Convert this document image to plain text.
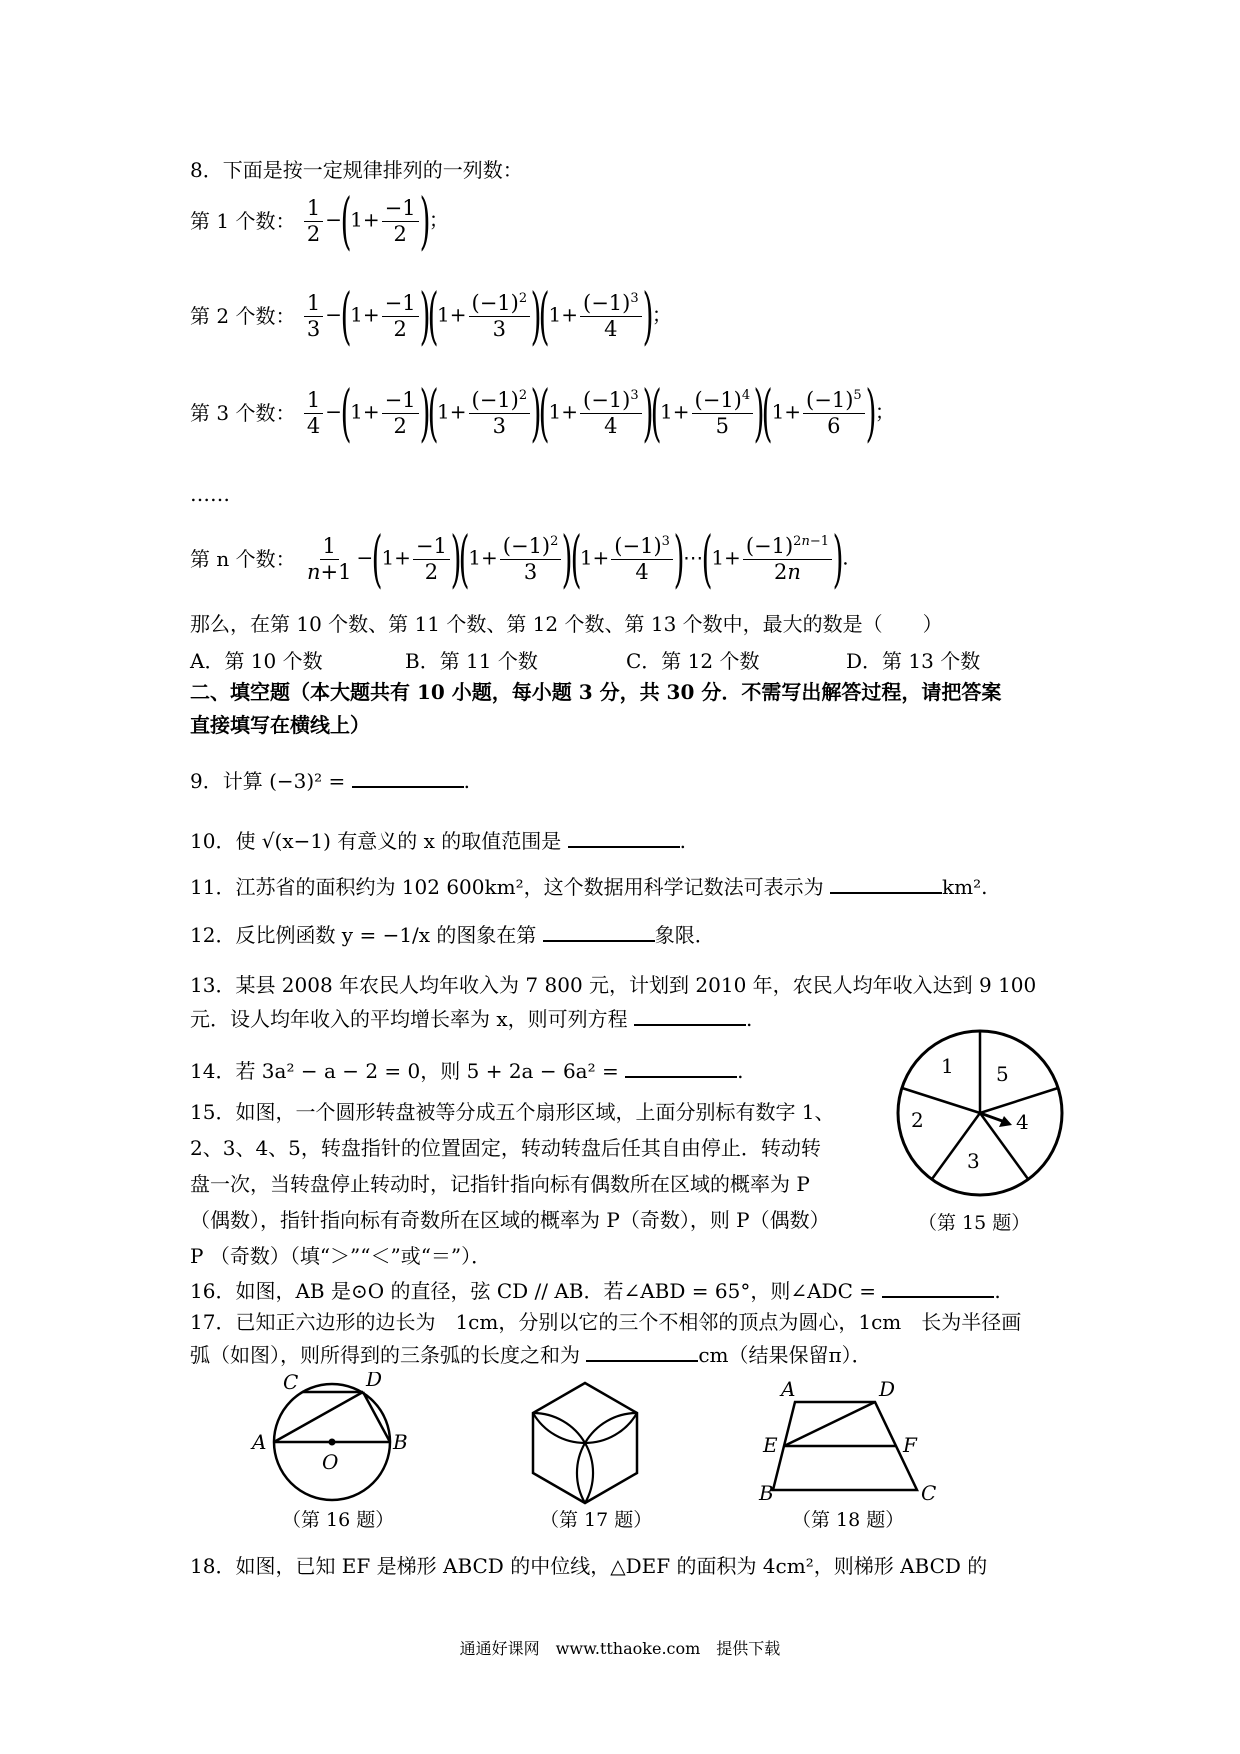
8．下面是按一定规律排列的一列数：
第 1 个数： $\frac{1}{2} -(1+ \frac{-1}{2}$ )；
第 2 个数： $\frac{1}{3} -(1+ \frac{-1}{2} )(1+ \frac{(-1)^2}{3} )(1+ \frac{(-1)^3}{4}$ )；
第 3 个数： $\frac{1}{4} -(1+ \frac{-1}{2} )(1+ \frac{(-1)^2}{3} )(1+ \frac{(-1)^3}{4} )(1+ \frac{(-1)^4}{5} )(1+ \frac{(-1)^5}{6}$ )；
……
第 n 个数： $\frac{1}{n+1} -(1+ \frac{-1}{2} )(1+ \frac{(-1)^2}{3} )(1+ \frac{(-1)^3}{4}$ )⋯(1+ $\frac{(-1)^{2n-1}}{2n}$ ).
那么，在第 10 个数、第 11 个数、第 12 个数、第 13 个数中，最大的数是（　　）
A．第 10 个数	B．第 11 个数	C．第 12 个数	D．第 13 个数
二、填空题（本大题共有 10 小题，每小题 3 分，共 30 分．不需写出解答过程，请把答案
直接填写在横线上）
9．计算 (−3)² =	.
10．使 √(x−1) 有意义的 x 的取值范围是	.
11．江苏省的面积约为 102 600km²，这个数据用科学记数法可表示为	km².
12．反比例函数 y = −1/x 的图象在第	象限．
13．某县 2008 年农民人均年收入为 7 800 元，计划到 2010 年，农民人均年收入达到 9 100
元．设人均年收入的平均增长率为 x，则可列方程	.
14．若 3a² − a − 2 = 0，则 5 + 2a − 6a² =	.
15．如图，一个圆形转盘被等分成五个扇形区域，上面分别标有数字 1、
2、3、4、5，转盘指针的位置固定，转动转盘后任其自由停止．转动转
盘一次，当转盘停止转动时，记指针指向标有偶数所在区域的概率为 P
（偶数），指针指向标有奇数所在区域的概率为 P（奇数），则 P（偶数）
P （奇数）（填“＞”“＜”或“＝”）．
16．如图，AB 是⊙O 的直径，弦 CD // AB．若∠ABD = 65°，则∠ADC =	.
17．已知正六边形的边长为　1cm，分别以它的三个不相邻的顶点为圆心，1cm　长为半径画
弧（如图），则所得到的三条弧的长度之和为	cm（结果保留π）．
1 5
4
3
2
（第 15 题）
C	D
A
O
B
（第 16 题）	（第 17 题）
A	D
E	F
B	C
（第 18 题）
18．如图，已知 EF 是梯形 ABCD 的中位线，△DEF 的面积为 4cm²，则梯形 ABCD 的
通通好课网　www.tthaoke.com　提供下载
